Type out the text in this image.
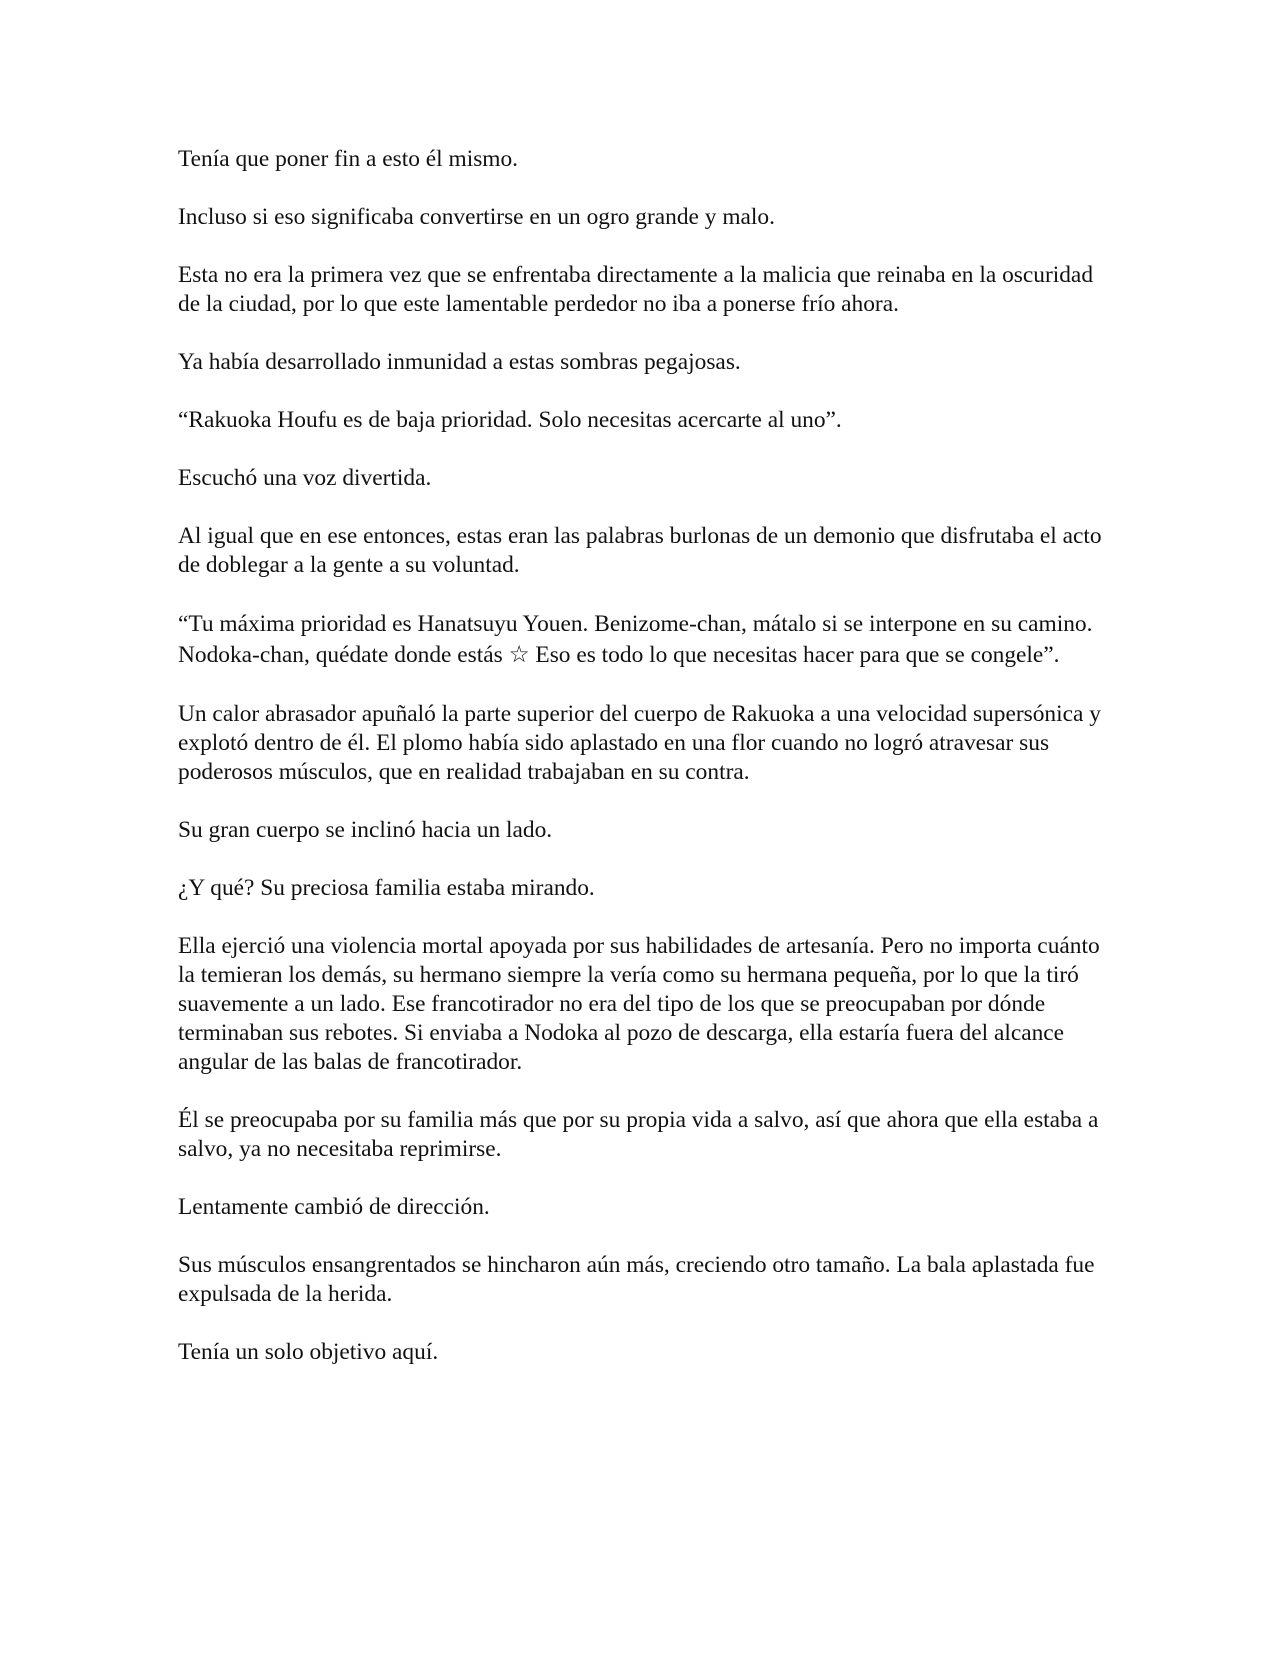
Tenía que poner fin a esto él mismo.

Incluso si eso significaba convertirse en un ogro grande y malo.

Esta no era la primera vez que se enfrentaba directamente a la malicia que reinaba en la oscuridad de la ciudad, por lo que este lamentable perdedor no iba a ponerse frío ahora.

Ya había desarrollado inmunidad a estas sombras pegajosas.

“Rakuoka Houfu es de baja prioridad. Solo necesitas acercarte al uno”.

Escuchó una voz divertida.

Al igual que en ese entonces, estas eran las palabras burlonas de un demonio que disfrutaba el acto de doblegar a la gente a su voluntad.

“Tu máxima prioridad es Hanatsuyu Youen. Benizome-chan, mátalo si se interpone en su camino. Nodoka-chan, quédate donde estás ☆ Eso es todo lo que necesitas hacer para que se congele”.

Un calor abrasador apuñaló la parte superior del cuerpo de Rakuoka a una velocidad supersónica y explotó dentro de él. El plomo había sido aplastado en una flor cuando no logró atravesar sus poderosos músculos, que en realidad trabajaban en su contra.

Su gran cuerpo se inclinó hacia un lado.

¿Y qué? Su preciosa familia estaba mirando.

Ella ejerció una violencia mortal apoyada por sus habilidades de artesanía. Pero no importa cuánto la temieran los demás, su hermano siempre la vería como su hermana pequeña, por lo que la tiró suavemente a un lado. Ese francotirador no era del tipo de los que se preocupaban por dónde terminaban sus rebotes. Si enviaba a Nodoka al pozo de descarga, ella estaría fuera del alcance angular de las balas de francotirador.

Él se preocupaba por su familia más que por su propia vida a salvo, así que ahora que ella estaba a salvo, ya no necesitaba reprimirse.

Lentamente cambió de dirección.

Sus músculos ensangrentados se hincharon aún más, creciendo otro tamaño. La bala aplastada fue expulsada de la herida.

Tenía un solo objetivo aquí.
